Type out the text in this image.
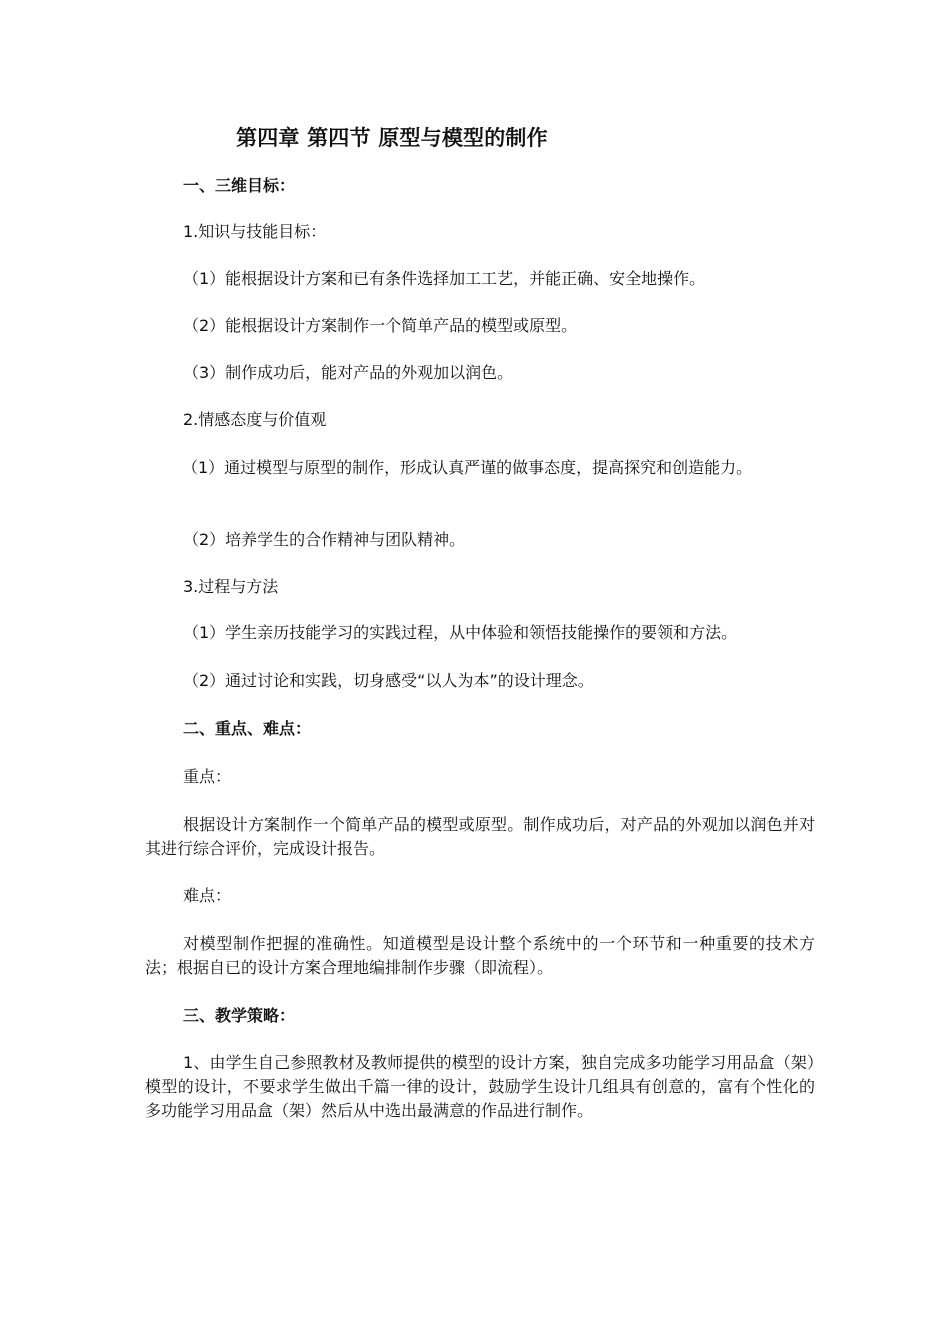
第四章 第四节 原型与模型的制作
一、三维目标：
1.知识与技能目标：
（1）能根据设计方案和已有条件选择加工工艺，并能正确、安全地操作。
（2）能根据设计方案制作一个简单产品的模型或原型。
（3）制作成功后，能对产品的外观加以润色。
2.情感态度与价值观
（1）通过模型与原型的制作，形成认真严谨的做事态度，提高探究和创造能力。
（2）培养学生的合作精神与团队精神。
3.过程与方法
（1）学生亲历技能学习的实践过程，从中体验和领悟技能操作的要领和方法。
（2）通过讨论和实践，切身感受“以人为本”的设计理念。
二、重点、难点：
重点：
根据设计方案制作一个简单产品的模型或原型。制作成功后，对产品的外观加以润色并对其进行综合评价，完成设计报告。
难点：
对模型制作把握的准确性。知道模型是设计整个系统中的一个环节和一种重要的技术方法；根据自已的设计方案合理地编排制作步骤（即流程）。
三、教学策略：
1、由学生自己参照教材及教师提供的模型的设计方案，独自完成多功能学习用品盒（架）模型的设计，不要求学生做出千篇一律的设计，鼓励学生设计几组具有创意的，富有个性化的多功能学习用品盒（架）然后从中选出最满意的作品进行制作。
